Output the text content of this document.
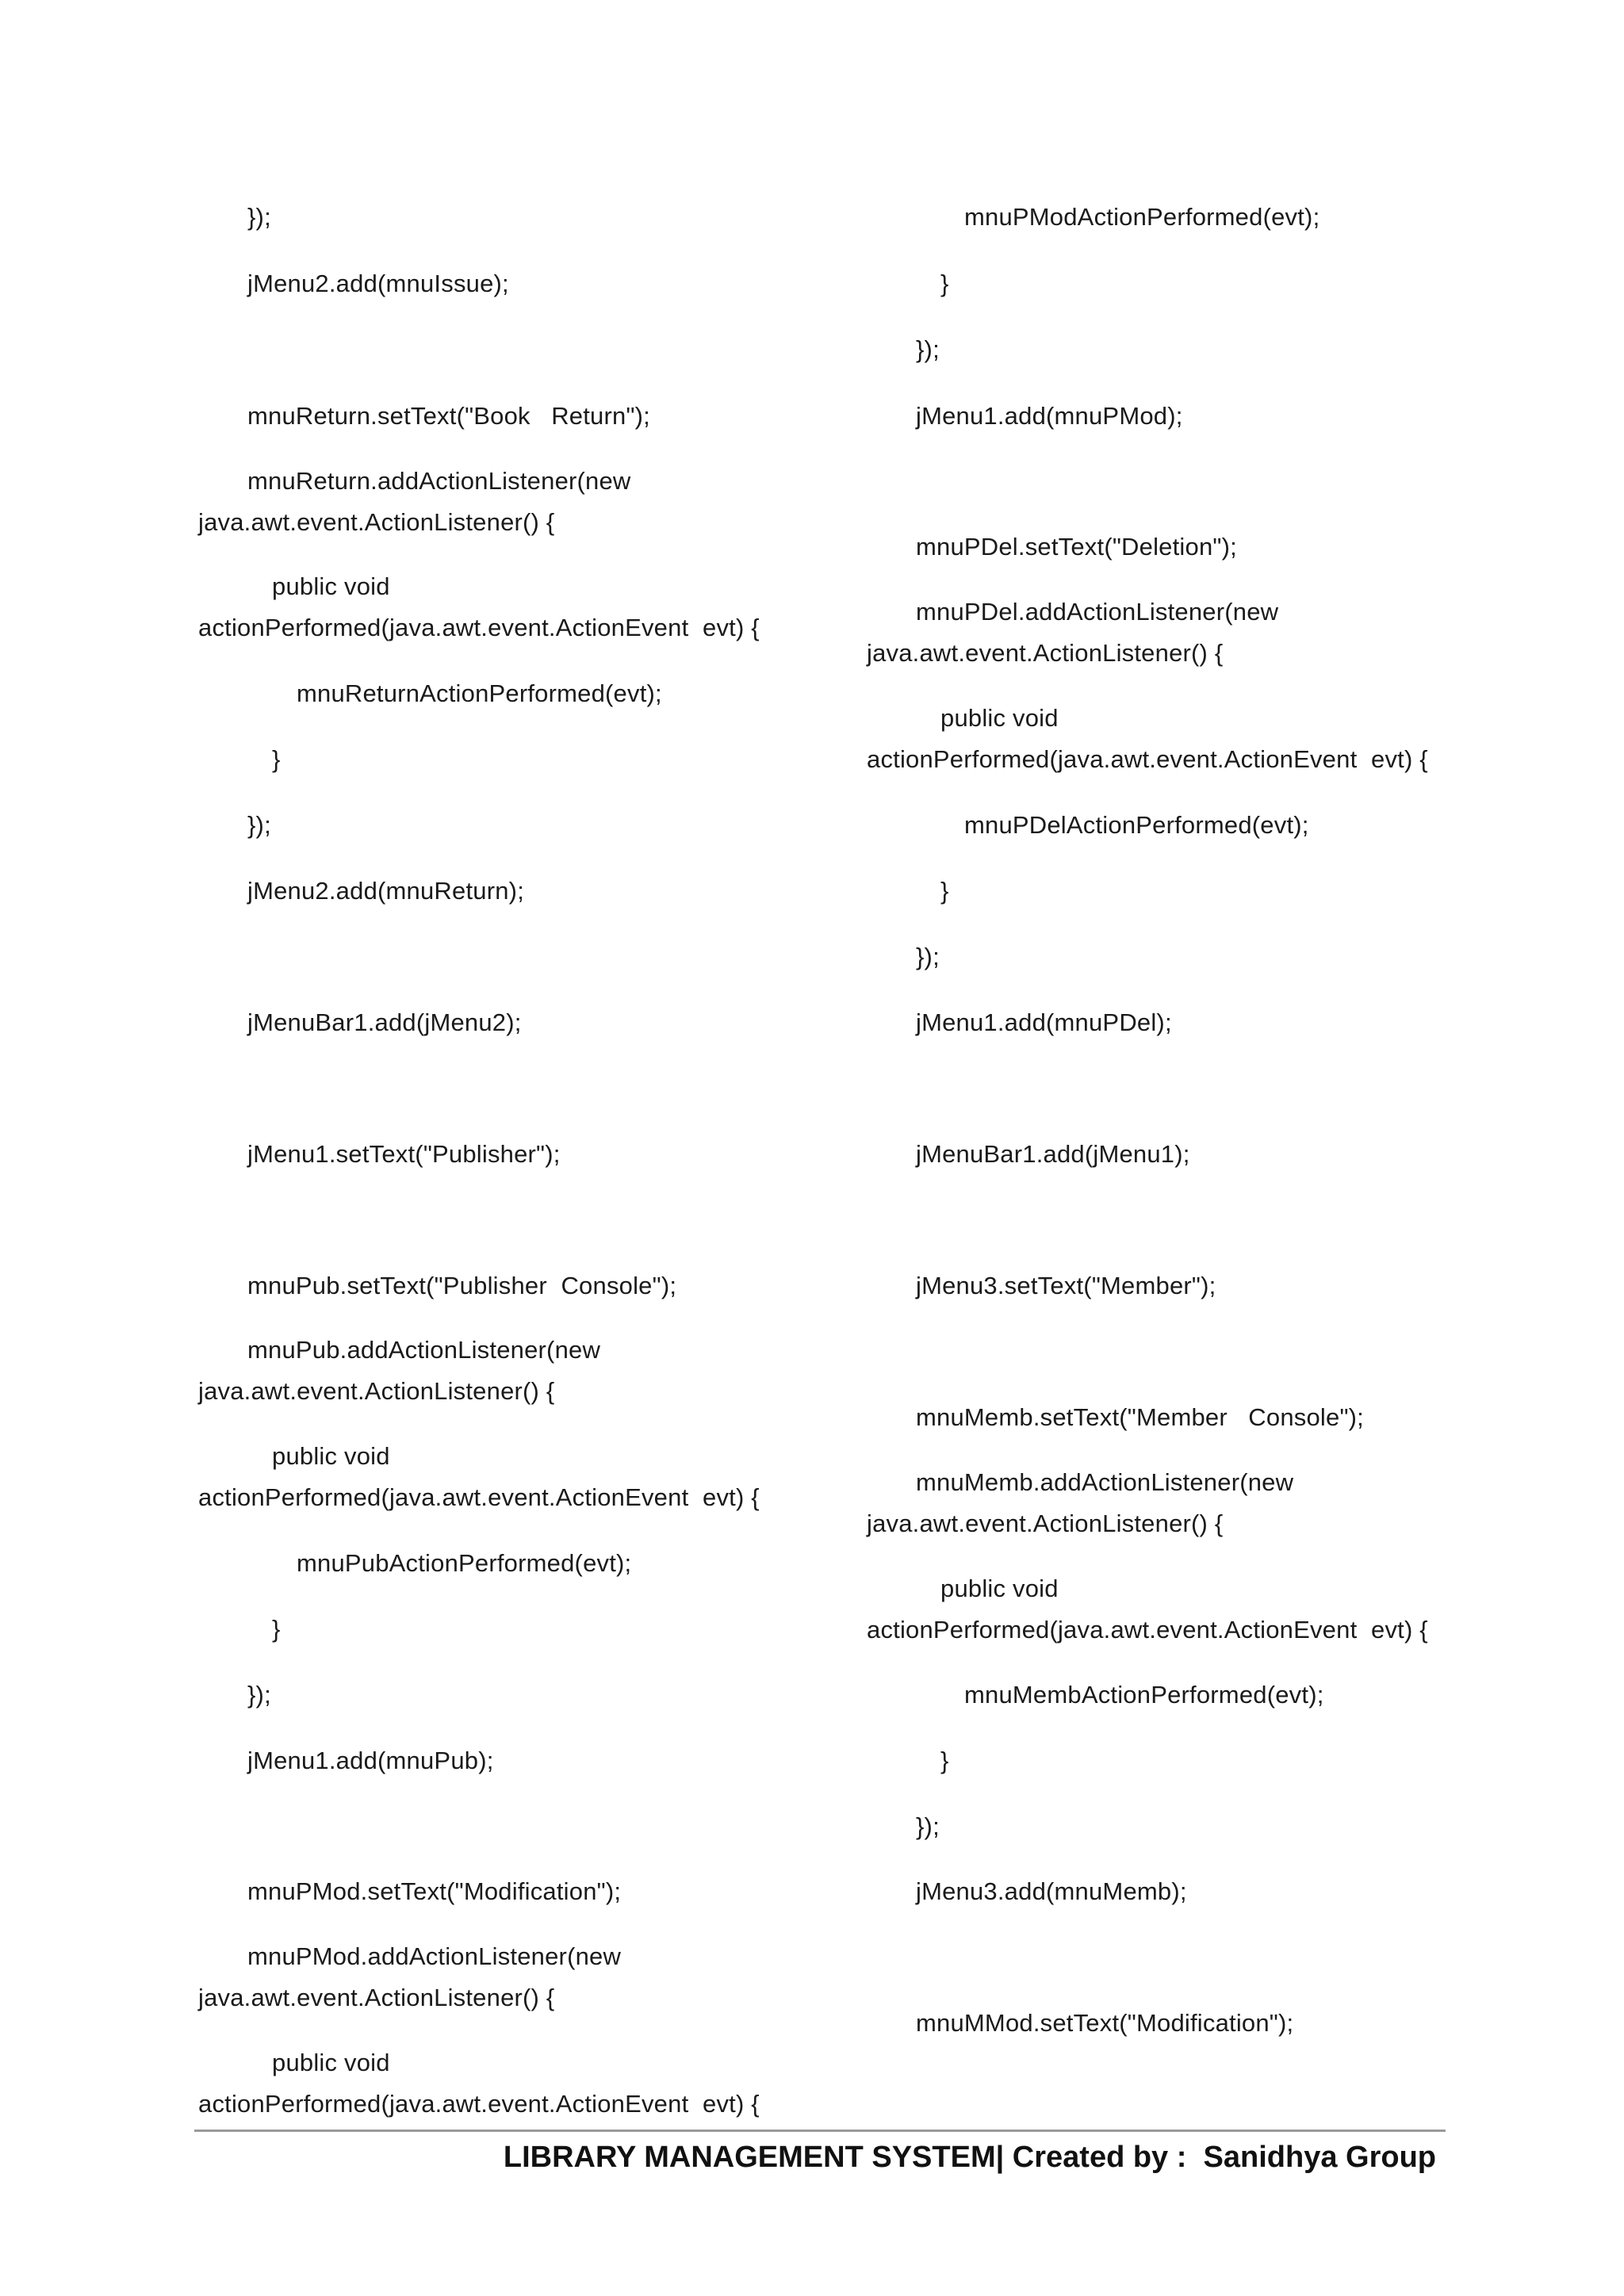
});
jMenu2.add(mnuIssue);
mnuReturn.setText("Book   Return");
mnuReturn.addActionListener(new
java.awt.event.ActionListener() {
public void
actionPerformed(java.awt.event.ActionEvent  evt) {
mnuReturnActionPerformed(evt);
}
});
jMenu2.add(mnuReturn);
jMenuBar1.add(jMenu2);
jMenu1.setText("Publisher");
mnuPub.setText("Publisher  Console");
mnuPub.addActionListener(new
java.awt.event.ActionListener() {
public void
actionPerformed(java.awt.event.ActionEvent  evt) {
mnuPubActionPerformed(evt);
}
});
jMenu1.add(mnuPub);
mnuPMod.setText("Modification");
mnuPMod.addActionListener(new
java.awt.event.ActionListener() {
public void
actionPerformed(java.awt.event.ActionEvent  evt) {
mnuPModActionPerformed(evt);
}
});
jMenu1.add(mnuPMod);
mnuPDel.setText("Deletion");
mnuPDel.addActionListener(new
java.awt.event.ActionListener() {
public void
actionPerformed(java.awt.event.ActionEvent  evt) {
mnuPDelActionPerformed(evt);
}
});
jMenu1.add(mnuPDel);
jMenuBar1.add(jMenu1);
jMenu3.setText("Member");
mnuMemb.setText("Member   Console");
mnuMemb.addActionListener(new
java.awt.event.ActionListener() {
public void
actionPerformed(java.awt.event.ActionEvent  evt) {
mnuMembActionPerformed(evt);
}
});
jMenu3.add(mnuMemb);
mnuMMod.setText("Modification");
LIBRARY MANAGEMENT SYSTEM| Created by :  Sanidhya Group
